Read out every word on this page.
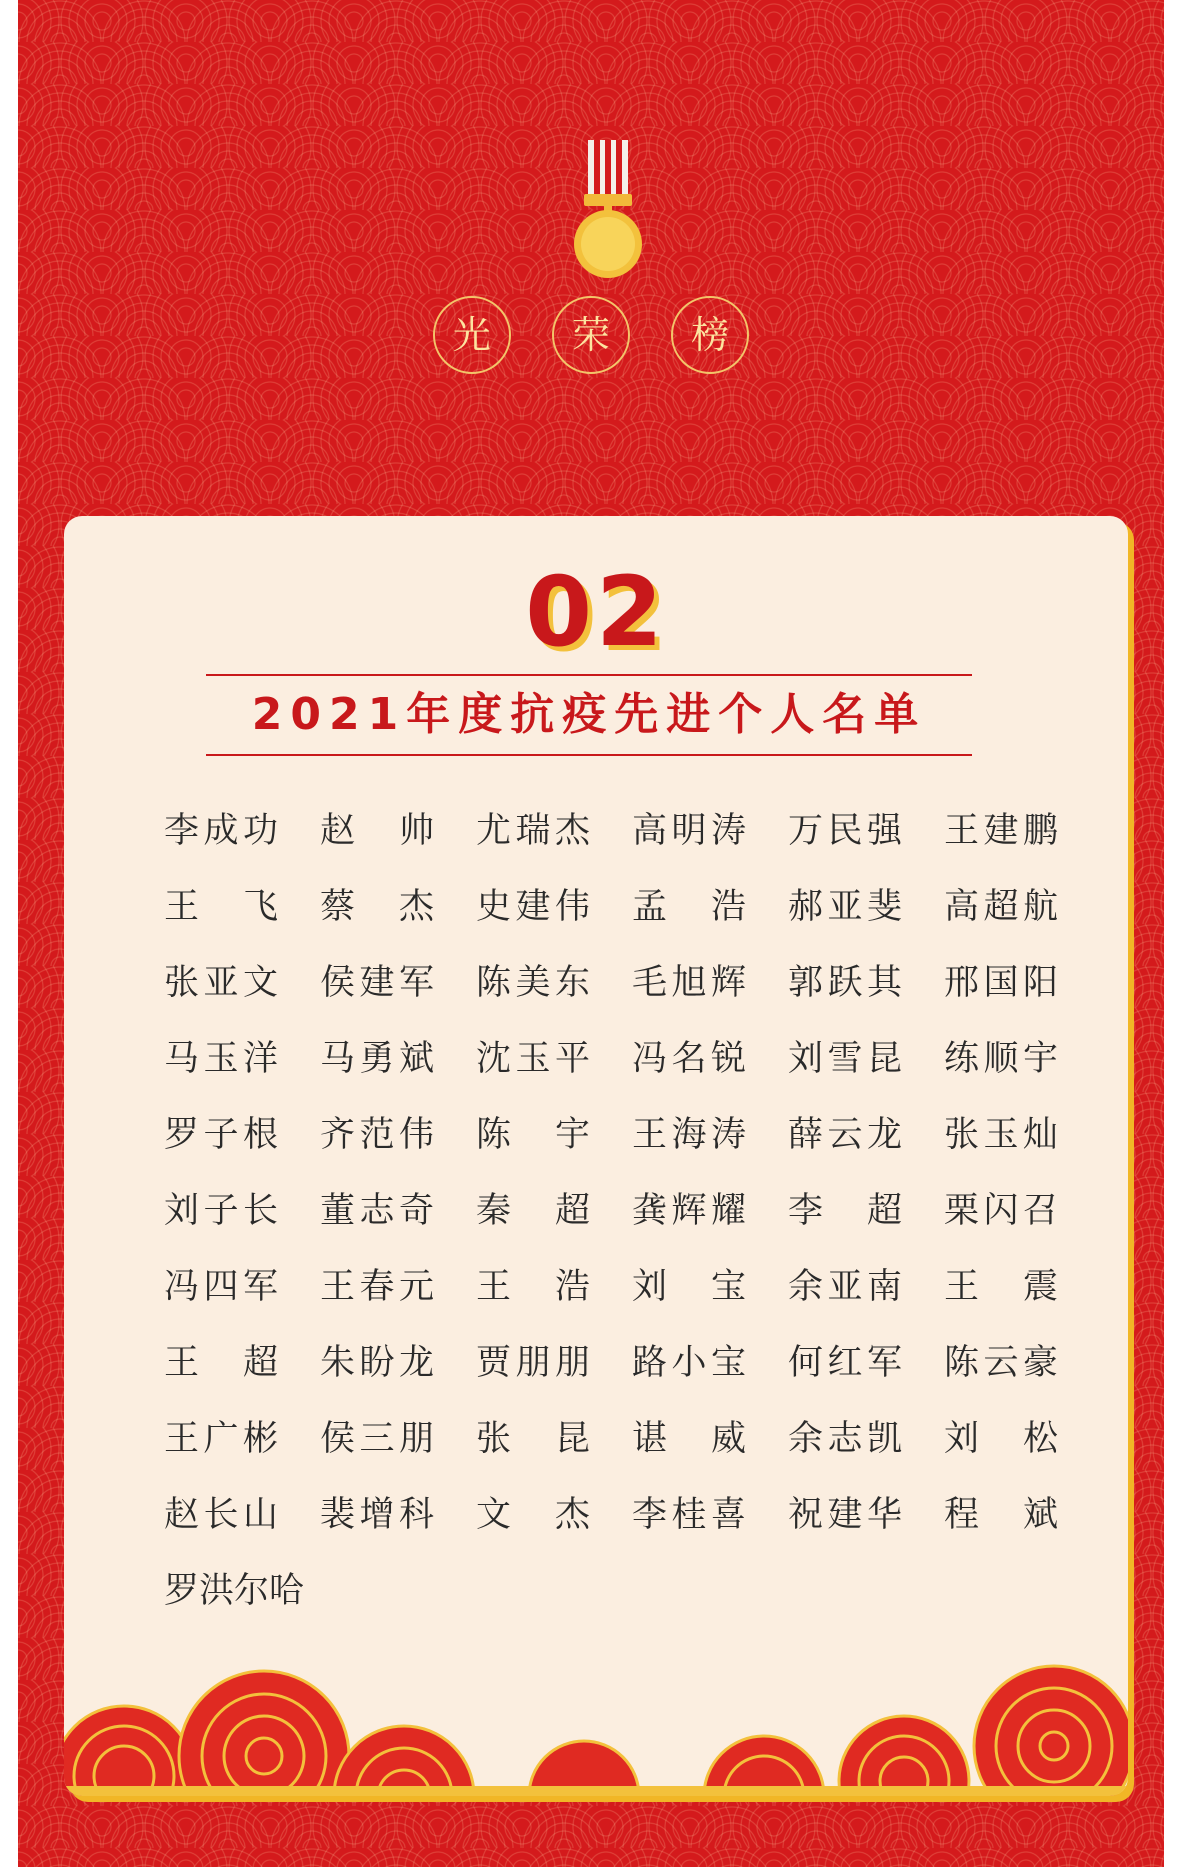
光 荣 榜
02
2021年度抗疫先进个人名单
李成功 赵　帅 尤瑞杰 高明涛 万民强 王建鹏
王　飞 蔡　杰 史建伟 孟　浩 郝亚斐 高超航
张亚文 侯建军 陈美东 毛旭辉 郭跃其 邢国阳
马玉洋 马勇斌 沈玉平 冯名锐 刘雪昆 练顺宇
罗子根 齐范伟 陈　宇 王海涛 薛云龙 张玉灿
刘子长 董志奇 秦　超 龚辉耀 李　超 栗闪召
冯四军 王春元 王　浩 刘　宝 余亚南 王　震
王　超 朱盼龙 贾朋朋 路小宝 何红军 陈云豪
王广彬 侯三朋 张　昆 谌　威 余志凯 刘　松
赵长山 裴增科 文　杰 李桂喜 祝建华 程　斌
罗洪尔哈
